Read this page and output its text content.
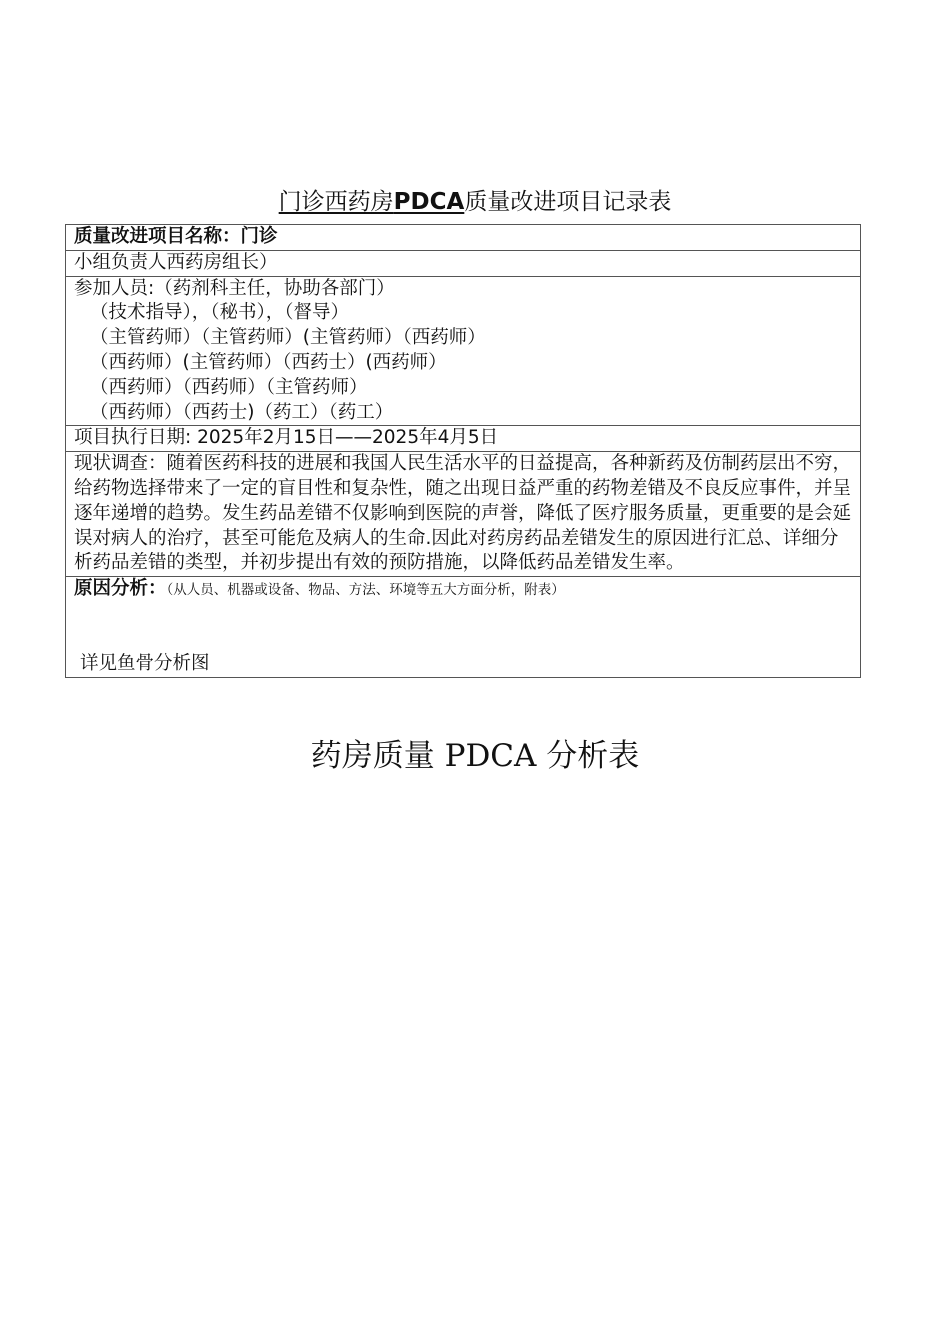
门诊西药房PDCA质量改进项目记录表
质量改进项目名称：门诊
小组负责人西药房组长）

参加人员:（药剂科主任，协助各部门）
（技术指导），（秘书），（督导）
（主管药师）（主管药师）(主管药师）（西药师）
（西药师）(主管药师）（西药士）(西药师）
（西药师）（西药师）（主管药师）
（西药师）（西药士)（药工）（药工）

项目执行日期: 2025年2月15日——2025年4月5日
现状调查：随着医药科技的进展和我国人民生活水平的日益提高，各种新药及仿制药层出不穷，给药物选择带来了一定的盲目性和复杂性，随之出现日益严重的药物差错及不良反应事件，并呈逐年递增的趋势。发生药品差错不仅影响到医院的声誉，降低了医疗服务质量，更重要的是会延误对病人的治疗，甚至可能危及病人的生命.因此对药房药品差错发生的原因进行汇总、详细分析药品差错的类型，并初步提出有效的预防措施，以降低药品差错发生率。
原因分析：（从人员、机器或设备、物品、方法、环境等五大方面分析，附表）
详见鱼骨分析图
药房质量 PDCA 分析表
